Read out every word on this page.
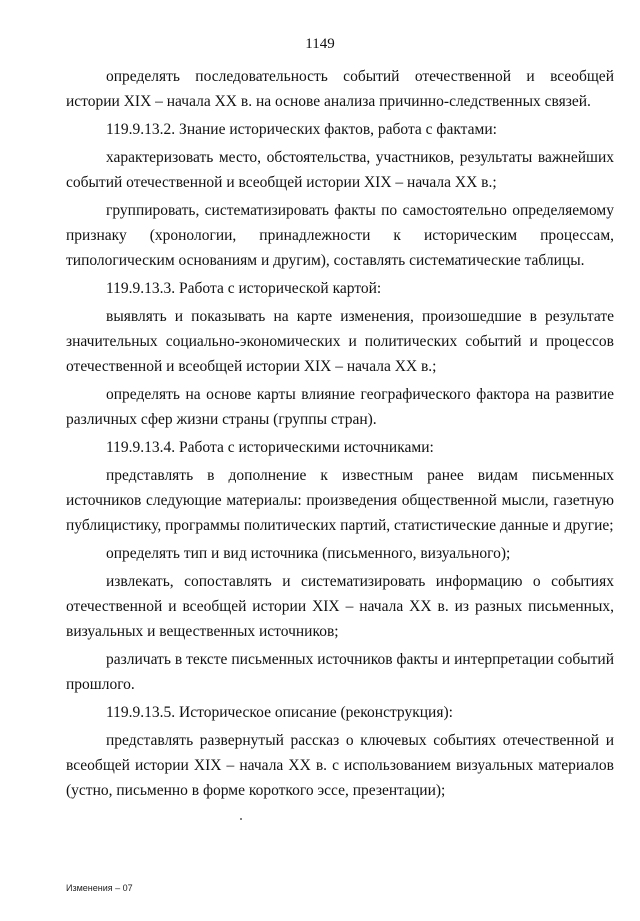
1149

определять последовательность событий отечественной и всеобщей истории XIX – начала XX в. на основе анализа причинно-следственных связей.

119.9.13.2. Знание исторических фактов, работа с фактами:

характеризовать место, обстоятельства, участников, результаты важнейших событий отечественной и всеобщей истории XIX – начала XX в.;

группировать, систематизировать факты по самостоятельно определяемому признаку (хронологии, принадлежности к историческим процессам, типологическим основаниям и другим), составлять систематические таблицы.

119.9.13.3. Работа с исторической картой:

выявлять и показывать на карте изменения, произошедшие в результате значительных социально-экономических и политических событий и процессов отечественной и всеобщей истории XIX – начала XX в.;

определять на основе карты влияние географического фактора на развитие различных сфер жизни страны (группы стран).

119.9.13.4. Работа с историческими источниками:

представлять в дополнение к известным ранее видам письменных источников следующие материалы: произведения общественной мысли, газетную публицистику, программы политических партий, статистические данные и другие;

определять тип и вид источника (письменного, визуального);

извлекать, сопоставлять и систематизировать информацию о событиях отечественной и всеобщей истории XIX – начала XX в. из разных письменных, визуальных и вещественных источников;

различать в тексте письменных источников факты и интерпретации событий прошлого.

119.9.13.5. Историческое описание (реконструкция):

представлять развернутый рассказ о ключевых событиях отечественной и всеобщей истории XIX – начала XX в. с использованием визуальных материалов (устно, письменно в форме короткого эссе, презентации);

Изменения – 07
